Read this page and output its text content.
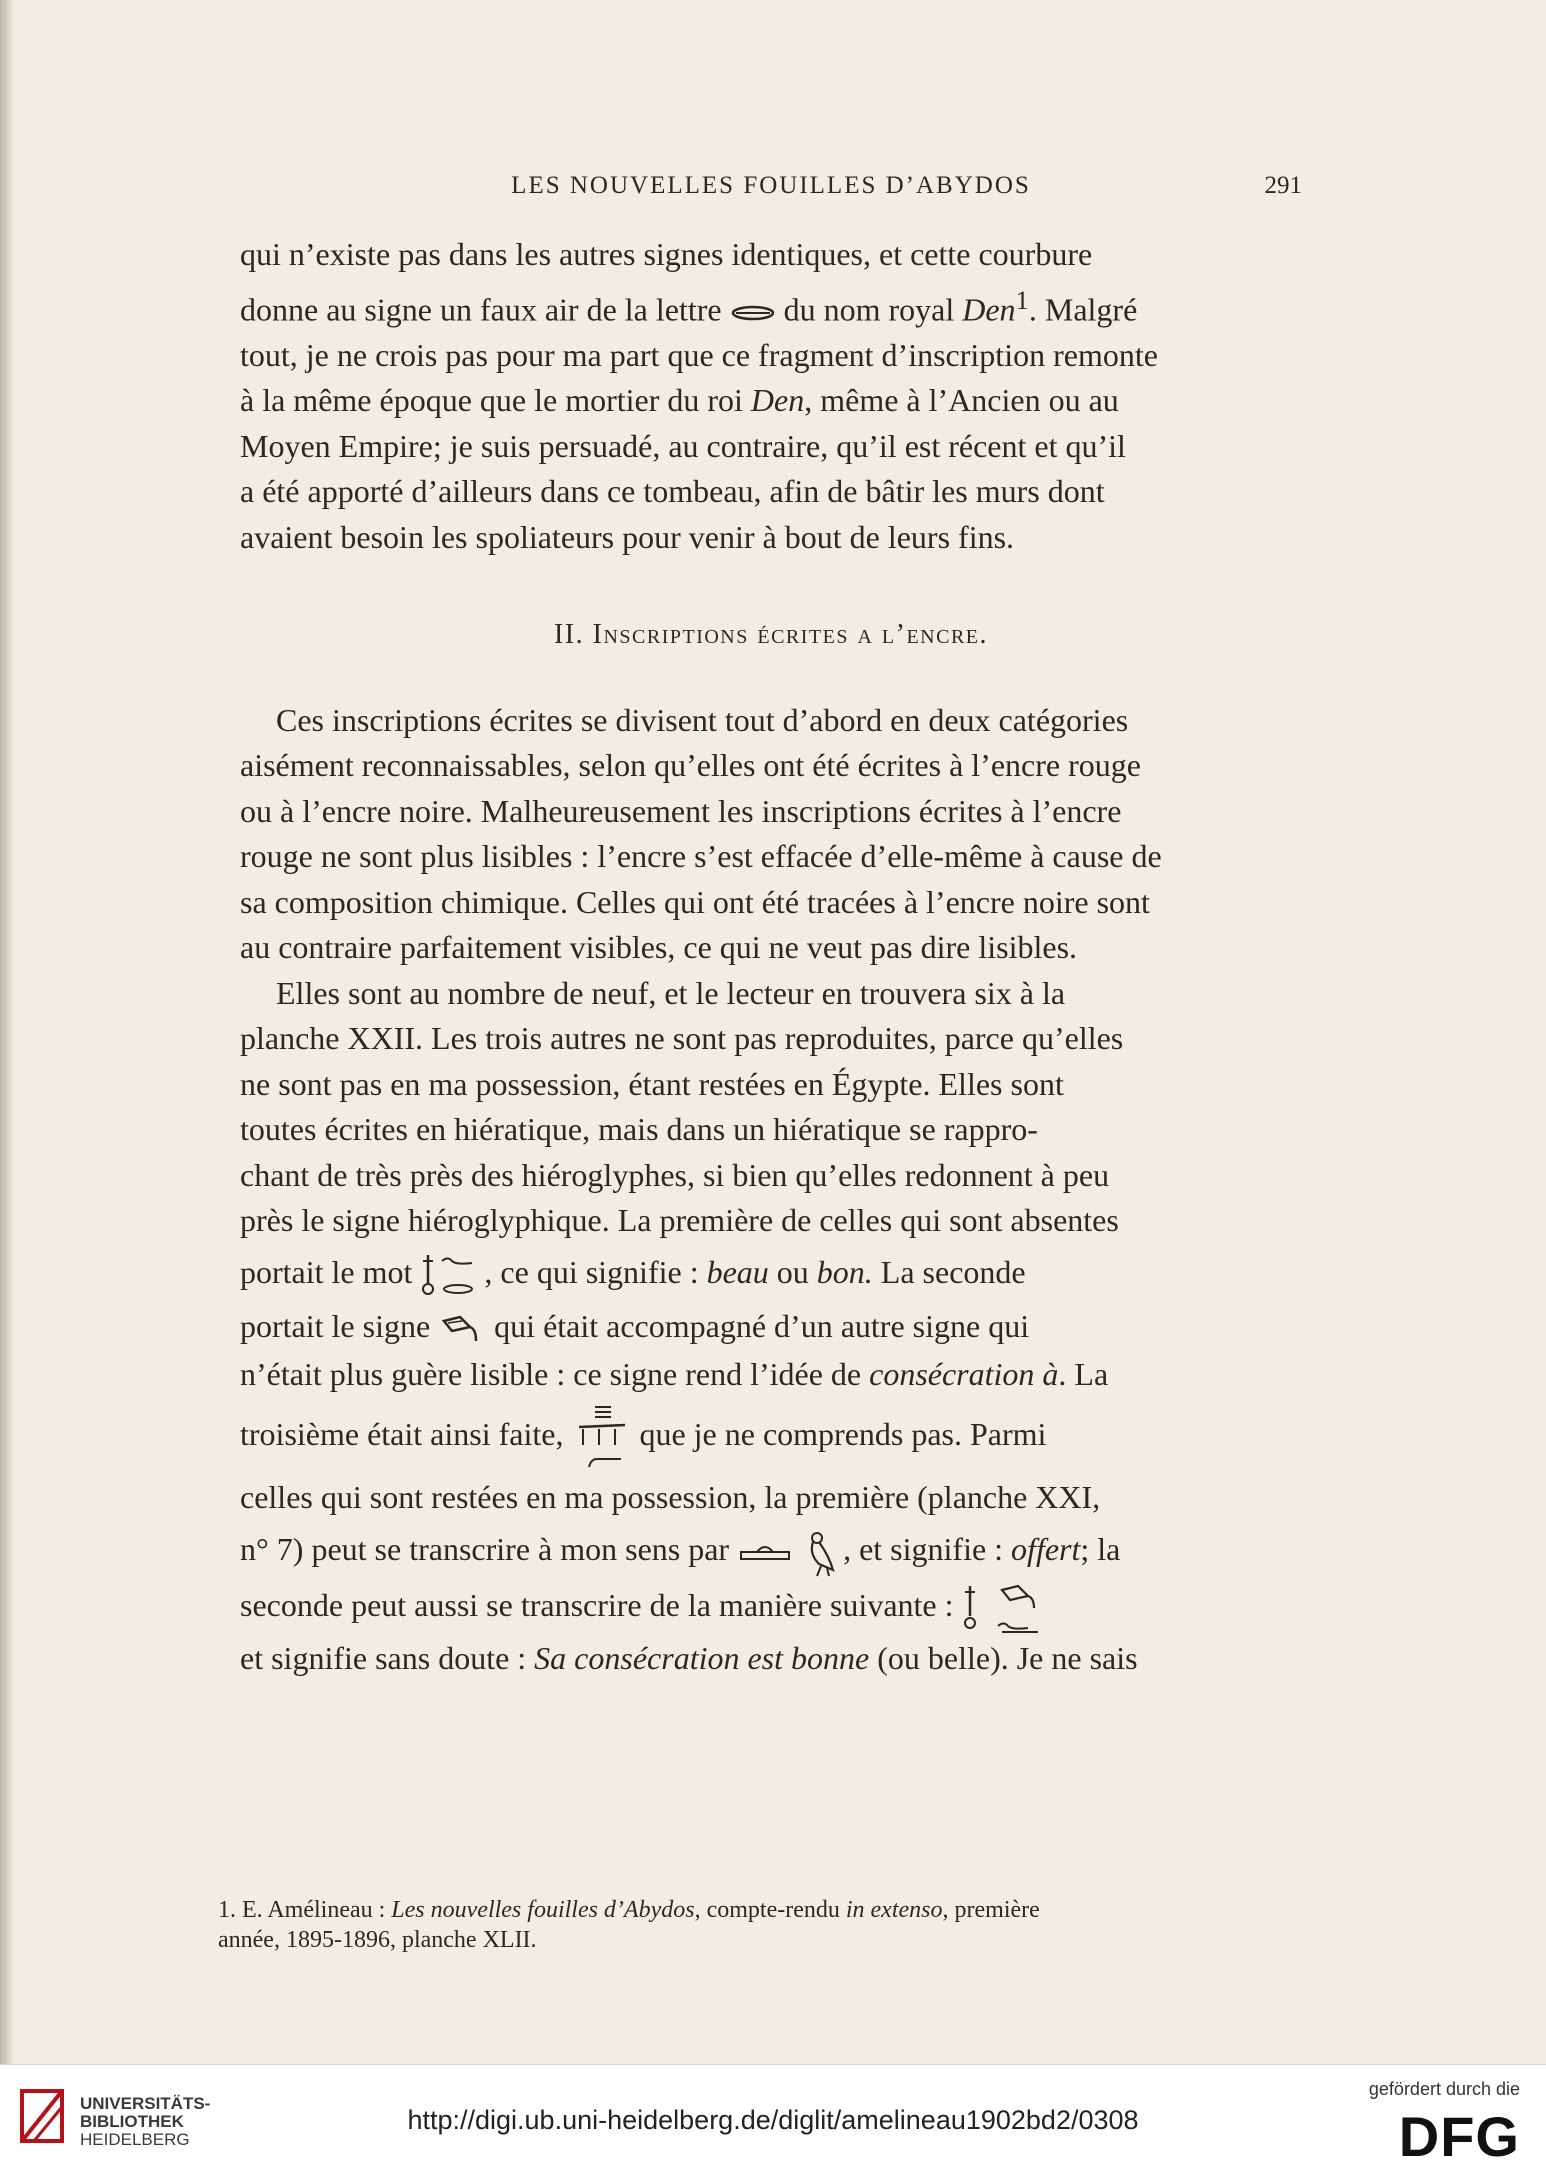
LES NOUVELLES FOUILLES D’ABYDOS	291

qui n’existe pas dans les autres signes identiques, et cette courbure

donne au signe un faux air de la lettre du nom royal Den$^1$. Malgré

tout, je ne crois pas pour ma part que ce fragment d’inscription remonte

à la même époque que le mortier du roi Den, même à l’Ancien ou au

Moyen Empire; je suis persuadé, au contraire, qu’il est récent et qu’il

a été apporté d’ailleurs dans ce tombeau, afin de bâtir les murs dont

avaient besoin les spoliateurs pour venir à bout de leurs fins.

II. Inscriptions écrites a l’encre.

Ces inscriptions écrites se divisent tout d’abord en deux catégories

aisément reconnaissables, selon qu’elles ont été écrites à l’encre rouge

ou à l’encre noire. Malheureusement les inscriptions écrites à l’encre

rouge ne sont plus lisibles : l’encre s’est effacée d’elle-même à cause de

sa composition chimique. Celles qui ont été tracées à l’encre noire sont

au contraire parfaitement visibles, ce qui ne veut pas dire lisibles.

Elles sont au nombre de neuf, et le lecteur en trouvera six à la

planche XXII. Les trois autres ne sont pas reproduites, parce qu’elles

ne sont pas en ma possession, étant restées en Égypte. Elles sont

toutes écrites en hiératique, mais dans un hiératique se rappro-

chant de très près des hiéroglyphes, si bien qu’elles redonnent à peu

près le signe hiéroglyphique. La première de celles qui sont absentes

portait le mot , ce qui signifie : beau ou bon. La seconde

portait le signe qui était accompagné d’un autre signe qui

n’était plus guère lisible : ce signe rend l’idée de consécration à. La

troisième était ainsi faite, que je ne comprends pas. Parmi

celles qui sont restées en ma possession, la première (planche XXI,

n° 7) peut se transcrire à mon sens par
	, et signifie : offert; la

seconde peut aussi se transcrire de la manière suivante :

et signifie sans doute : Sa consécration est bonne (ou belle). Je ne sais

1. E. Amélineau : Les nouvelles fouilles d’Abydos, compte-rendu in extenso, première
année, 1895-1896, planche XLII.
UNIVERSITÄTS-
BIBLIOTHEK
HEIDELBERG
http://digi.ub.uni-heidelberg.de/diglit/amelineau1902bd2/0308
gefördert durch die
DFG
